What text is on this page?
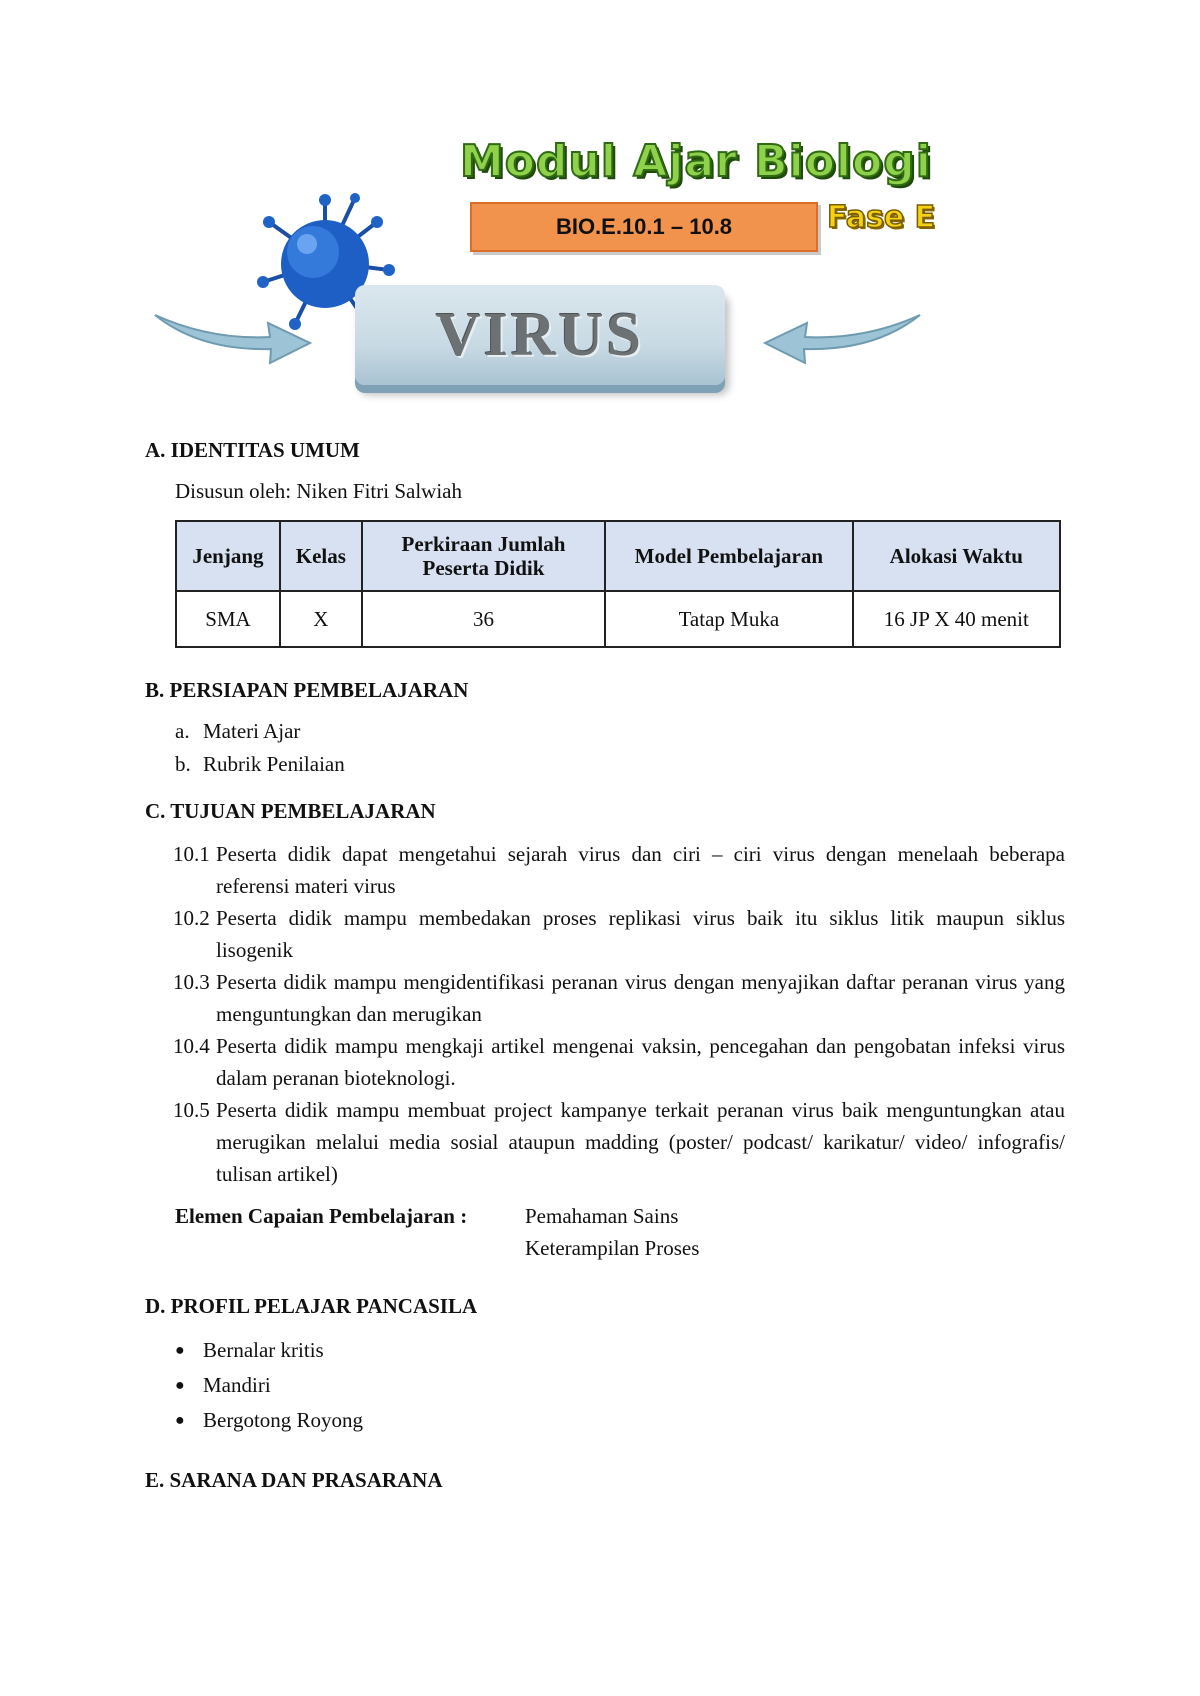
Modul Ajar Biologi
BIO.E.10.1 – 10.8	Fase E
VIRUS
A. IDENTITAS UMUM
Disusun oleh: Niken Fitri Salwiah
Jenjang	Kelas	Perkiraan Jumlah Peserta Didik	Model Pembelajaran	Alokasi Waktu
SMA	X	36	Tatap Muka	16 JP X 40 menit
B. PERSIAPAN PEMBELAJARAN
a. Materi Ajar
b. Rubrik Penilaian
C. TUJUAN PEMBELAJARAN
10.1 Peserta didik dapat mengetahui sejarah virus dan ciri – ciri virus dengan menelaah beberapa referensi materi virus
10.2 Peserta didik mampu membedakan proses replikasi virus baik itu siklus litik maupun siklus lisogenik
10.3 Peserta didik mampu mengidentifikasi peranan virus dengan menyajikan daftar peranan virus yang menguntungkan dan merugikan
10.4 Peserta didik mampu mengkaji artikel mengenai vaksin, pencegahan dan pengobatan infeksi virus dalam peranan bioteknologi.
10.5 Peserta didik mampu membuat project kampanye terkait peranan virus baik menguntungkan atau merugikan melalui media sosial ataupun madding (poster/ podcast/ karikatur/ video/ infografis/ tulisan artikel)
Elemen Capaian Pembelajaran :	Pemahaman Sains
Keterampilan Proses
D. PROFIL PELAJAR PANCASILA
● Bernalar kritis
● Mandiri
● Bergotong Royong
E. SARANA DAN PRASARANA
